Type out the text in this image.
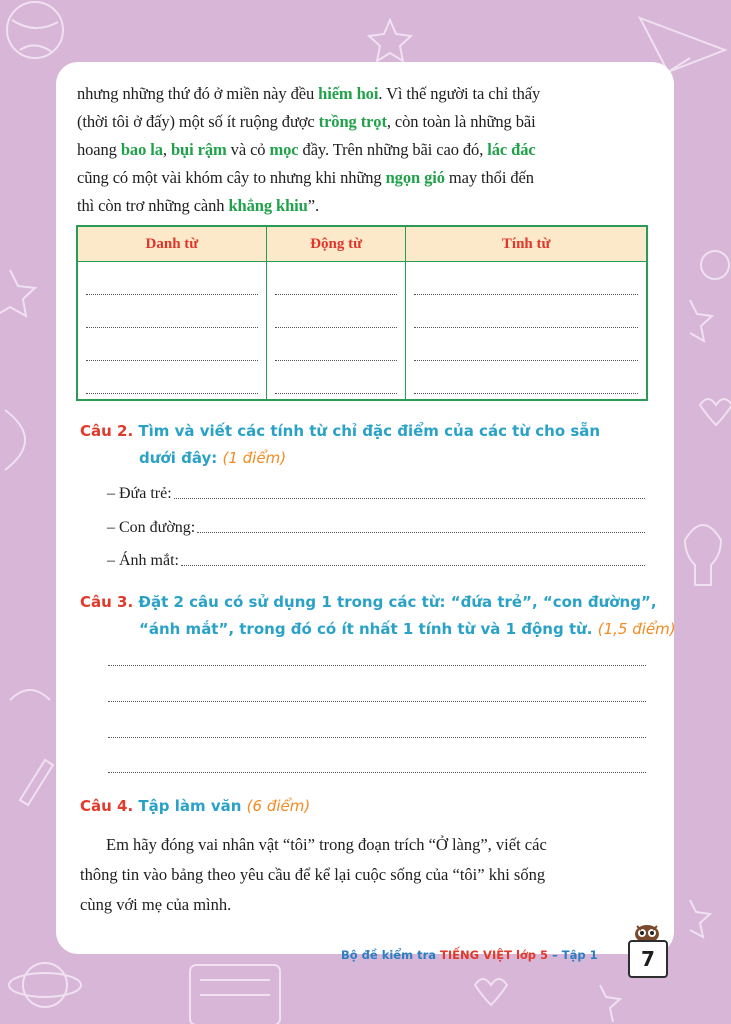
nhưng những thứ đó ở miền này đều hiếm hoi. Vì thế người ta chỉ thấy

(thời tôi ở đấy) một số ít ruộng được trồng trọt, còn toàn là những bãi

hoang bao la, bụi rậm và cỏ mọc đầy. Trên những bãi cao đó, lác đác

cũng có một vài khóm cây to nhưng khi những ngọn gió may thổi đến

thì còn trơ những cành khẳng khiu”.

Danh từ	Động từ	Tính từ

Câu 2. Tìm và viết các tính từ chỉ đặc điểm của các từ cho sẵn
dưới đây: (1 điểm)
– Đứa trẻ:
– Con đường:
– Ánh mắt:
Câu 3. Đặt 2 câu có sử dụng 1 trong các từ: “đứa trẻ”, “con đường”,
“ánh mắt”, trong đó có ít nhất 1 tính từ và 1 động từ. (1,5 điểm)
Câu 4. Tập làm văn (6 điểm)

Em hãy đóng vai nhân vật “tôi” trong đoạn trích “Ở làng”, viết các

thông tin vào bảng theo yêu cầu để kể lại cuộc sống của “tôi” khi sống

cùng với mẹ của mình.

Bộ đề kiểm tra TIẾNG VIỆT lớp 5 – Tập 1	7
